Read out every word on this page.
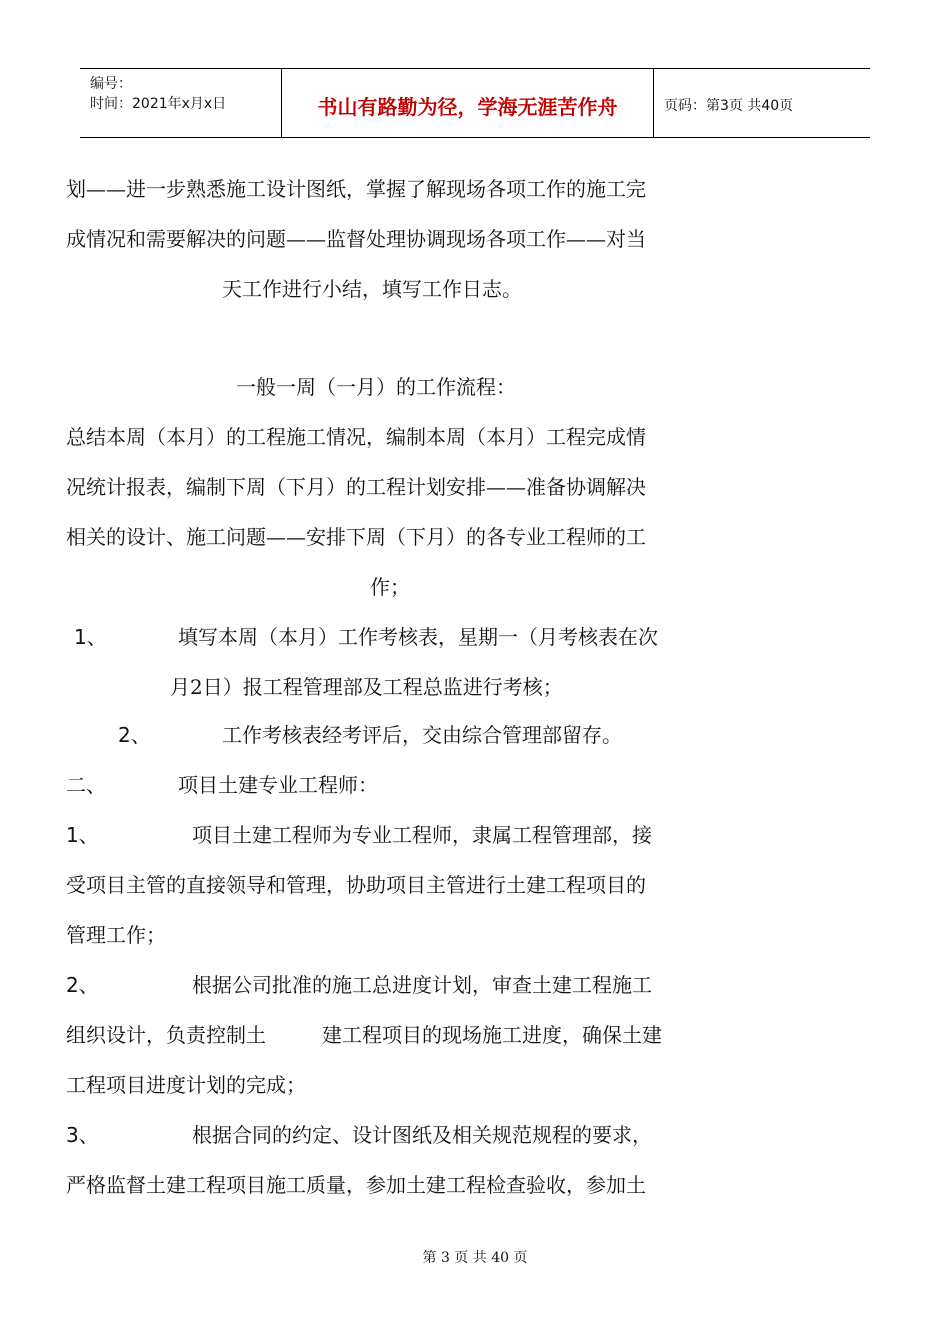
编号：
时间：2021年x月x日	书山有路勤为径，学海无涯苦作舟	页码：第3页 共40页
划——进一步熟悉施工设计图纸，掌握了解现场各项工作的施工完
成情况和需要解决的问题——监督处理协调现场各项工作——对当
天工作进行小结，填写工作日志。
一般一周（一月）的工作流程：
总结本周（本月）的工程施工情况，编制本周（本月）工程完成情
况统计报表，编制下周（下月）的工程计划安排——准备协调解决
相关的设计、施工问题——安排下周（下月）的各专业工程师的工
作；
1、	填写本周（本月）工作考核表，星期一（月考核表在次
月2日）报工程管理部及工程总监进行考核；
2、	工作考核表经考评后，交由综合管理部留存。
二、	项目土建专业工程师：
1、	项目土建工程师为专业工程师，隶属工程管理部，接
受项目主管的直接领导和管理，协助项目主管进行土建工程项目的
管理工作；
2、	根据公司批准的施工总进度计划，审查土建工程施工
组织设计，负责控制土	建工程项目的现场施工进度，确保土建
工程项目进度计划的完成；
3、	根据合同的约定、设计图纸及相关规范规程的要求，
严格监督土建工程项目施工质量，参加土建工程检查验收，参加土
第 3 页 共 40 页
